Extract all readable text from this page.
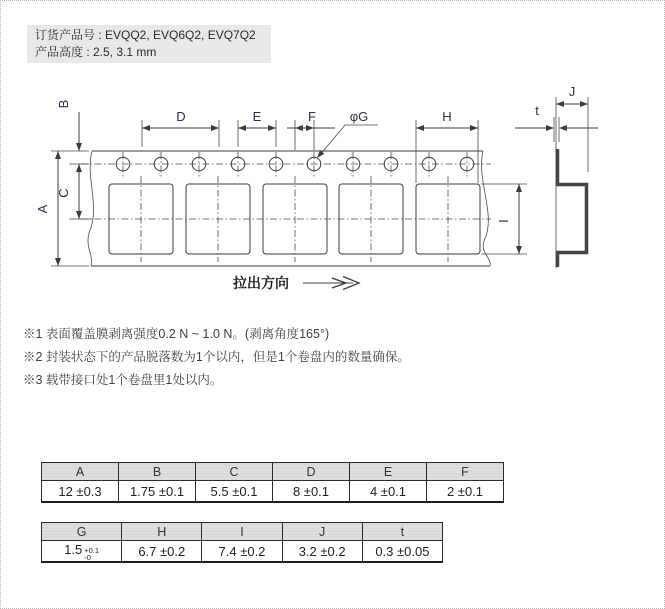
A
B
C
D	E	F	φG	H
I
J
t
拉出方向
订货产品号 : EVQQ2, EVQ6Q2, EVQ7Q2
产品高度 : 2.5, 3.1 mm
※1 表面覆盖膜剥离强度0.2 N ~ 1.0 N。(剥离角度165°)
※2 封装状态下的产品脱落数为1个以内，但是1个卷盘内的数量确保。
※3 载带接口处1个卷盘里1处以内。
A	B	C	D	E	F
12 ±0.3	1.75 ±0.1	5.5 ±0.1	8 ±0.1	4 ±0.1	2 ±0.1
G	H	I	J	t
1.5 +0.1
-0	6.7 ±0.2	7.4 ±0.2	3.2 ±0.2	0.3 ±0.05
